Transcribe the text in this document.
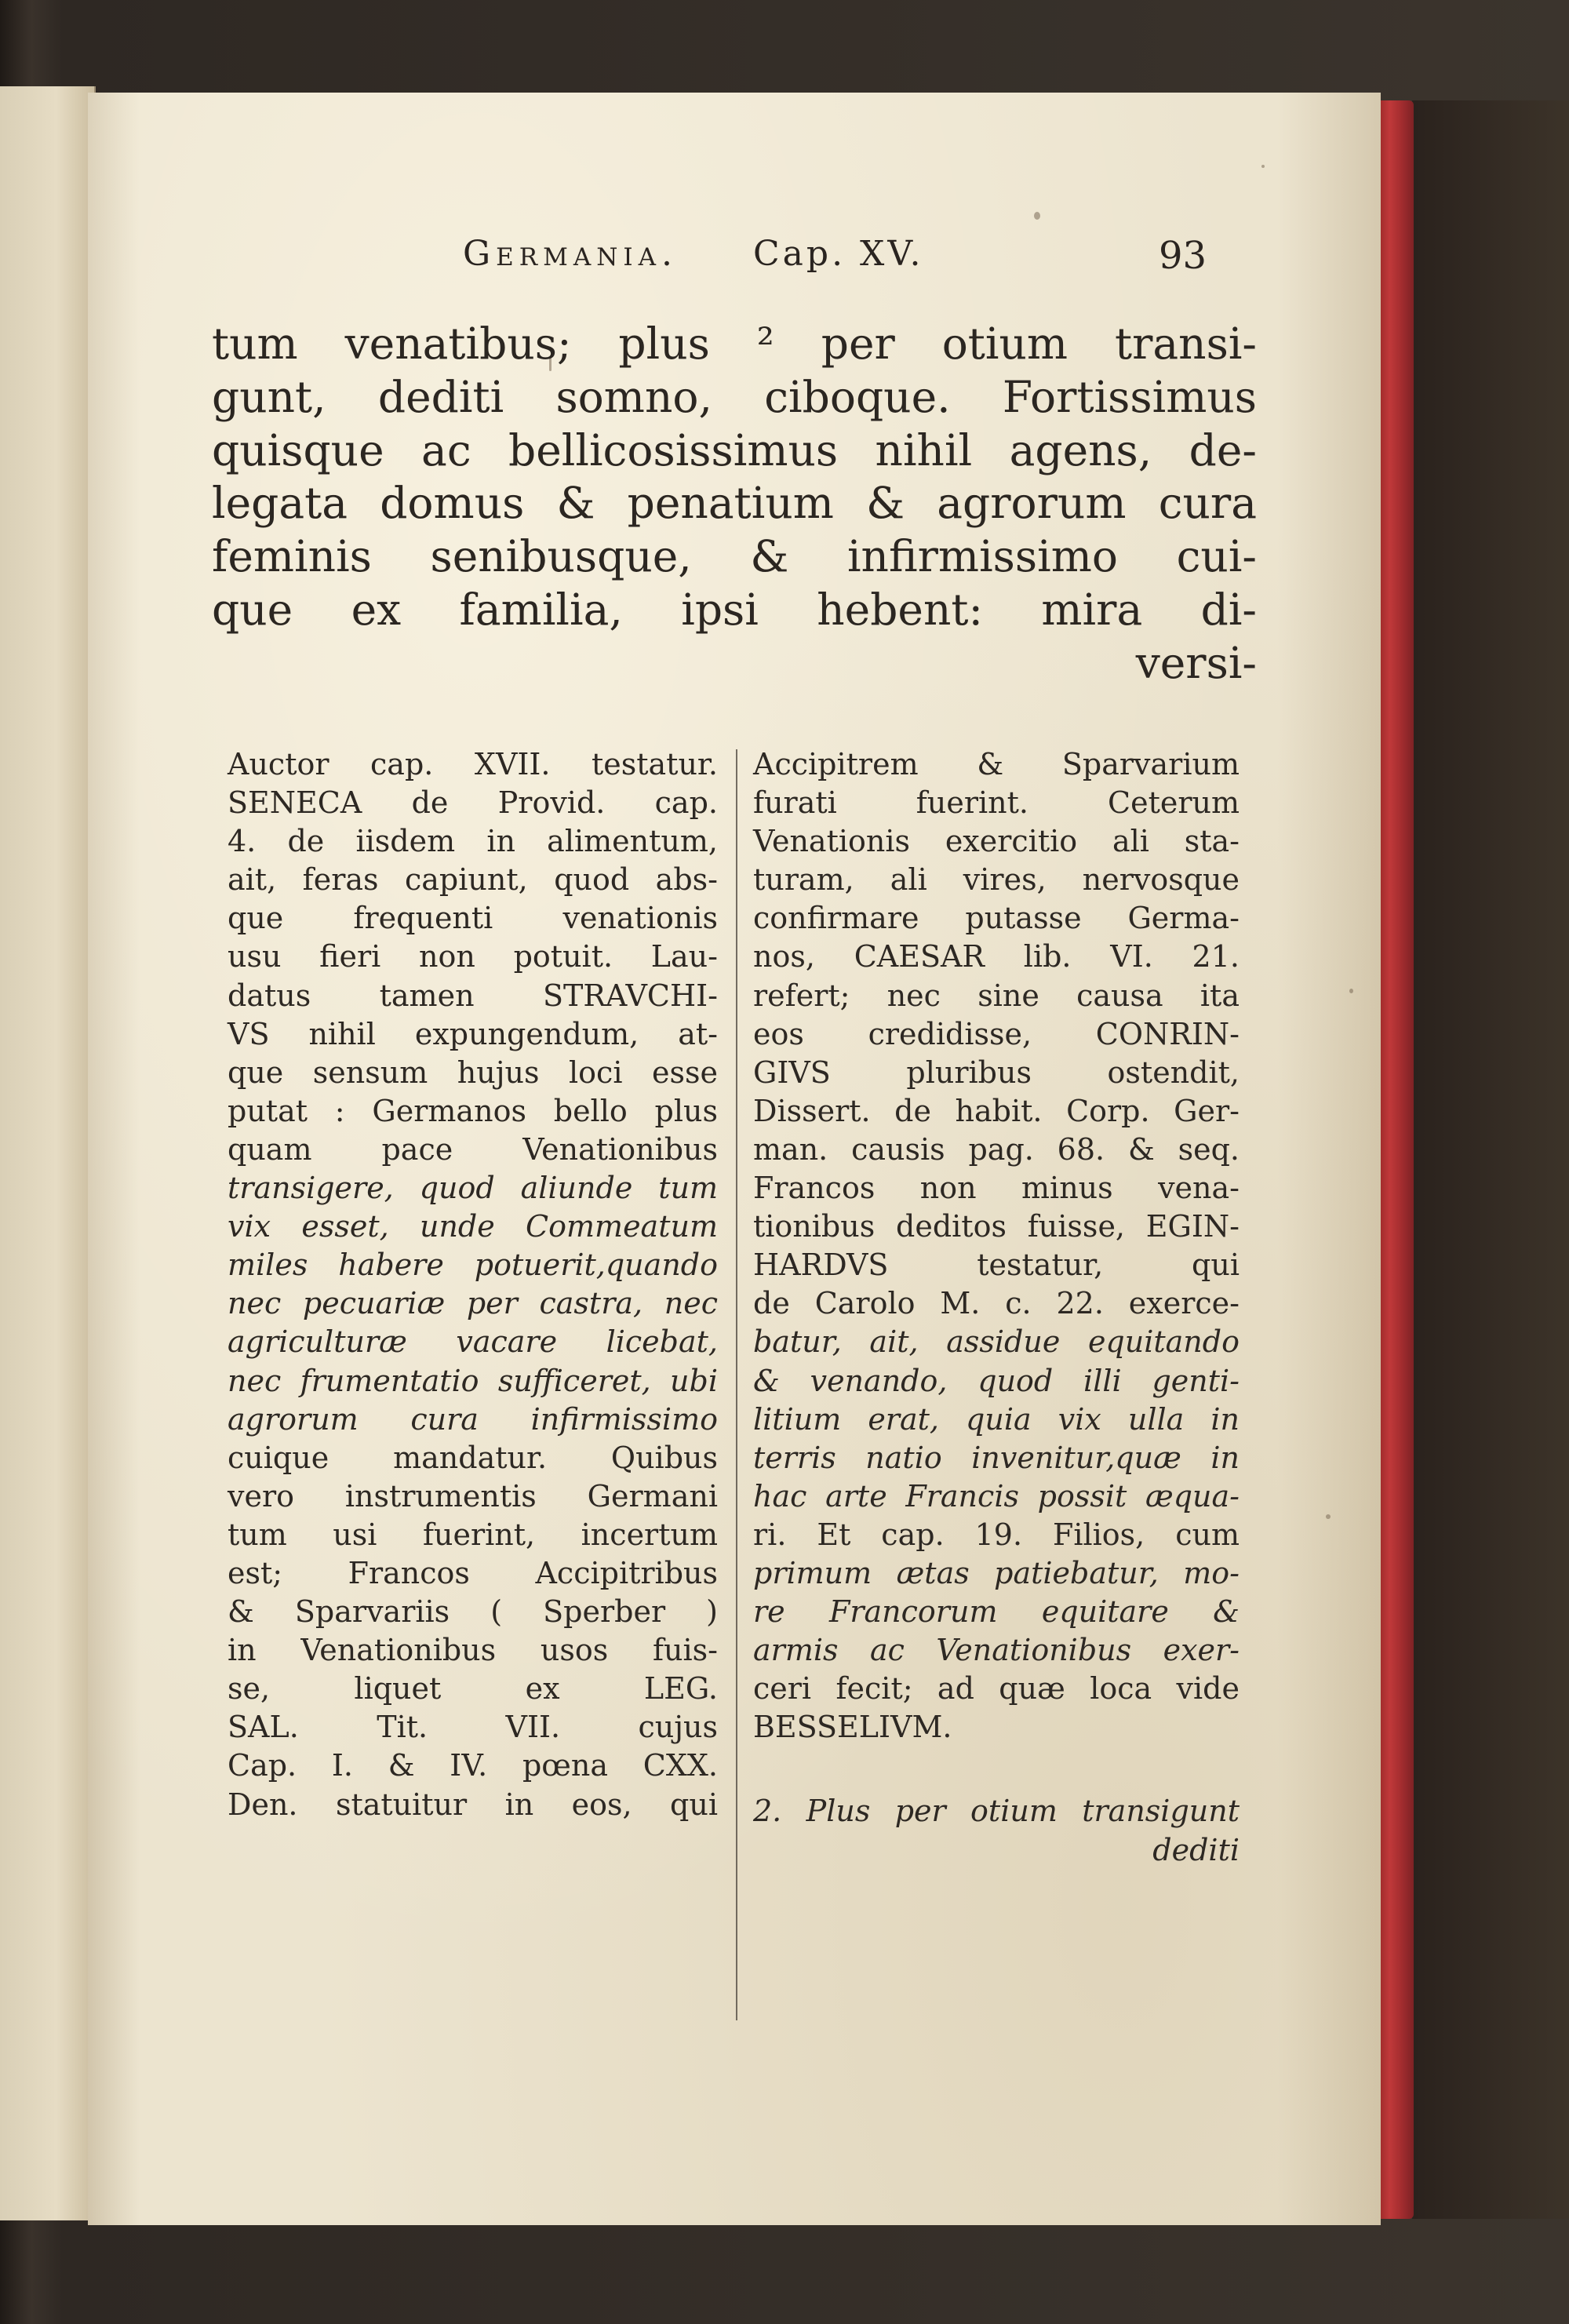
Germania. Cap. XV.	93
tum venatibus; plus ² per otium transi-
gunt, dediti somno, ciboque. Fortissimus
quisque ac bellicosissimus nihil agens, de-
legata domus & penatium & agrorum cura
feminis senibusque, & infirmissimo cui-
que ex familia, ipsi hebent: mira di-
versi-
Auctor cap. XVII. testatur.
SENECA de Provid. cap.
4. de iisdem in alimentum,
ait, feras capiunt, quod abs-
que frequenti venationis
usu fieri non potuit. Lau-
datus tamen STRAVCHI-
VS nihil expungendum, at-
que sensum hujus loci esse
putat : Germanos bello plus
quam pace Venationibus
transigere, quod aliunde tum
vix esset, unde Commeatum
miles habere potuerit,quando
nec pecuariæ per castra, nec
agriculturæ vacare licebat,
nec frumentatio sufficeret, ubi
agrorum cura infirmissimo
cuique mandatur. Quibus
vero instrumentis Germani
tum usi fuerint, incertum
est; Francos Accipitribus
& Sparvariis ( Sperber )
in Venationibus usos fuis-
se, liquet ex LEG.
SAL. Tit. VII. cujus
Cap. I. & IV. pœna CXX.
Den. statuitur in eos, qui
Accipitrem & Sparvarium
furati fuerint. Ceterum
Venationis exercitio ali sta-
turam, ali vires, nervosque
confirmare putasse Germa-
nos, CAESAR lib. VI. 21.
refert; nec sine causa ita
eos credidisse, CONRIN-
GIVS pluribus ostendit,
Dissert. de habit. Corp. Ger-
man. causis pag. 68. & seq.
Francos non minus vena-
tionibus deditos fuisse, EGIN-
HARDVS testatur, qui
de Carolo M. c. 22. exerce-
batur, ait, assidue equitando
& venando, quod illi genti-
litium erat, quia vix ulla in
terris natio invenitur,quæ in
hac arte Francis possit æqua-
ri. Et cap. 19. Filios, cum
primum ætas patiebatur, mo-
re Francorum equitare &
armis ac Venationibus exer-
ceri fecit; ad quæ loca vide
BESSELIVM.
2. Plus per otium transigunt
dediti
